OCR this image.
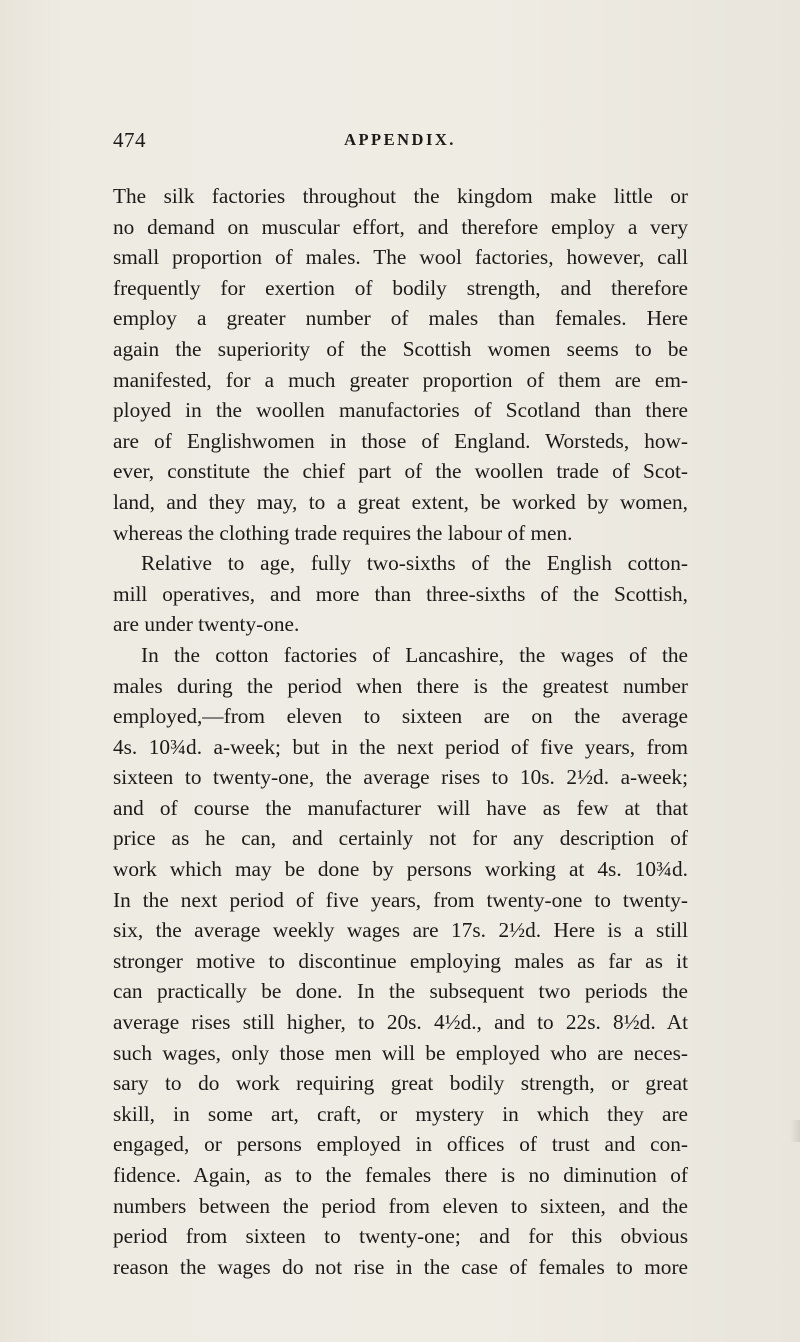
474	APPENDIX.
The silk factories throughout the kingdom make little or
no demand on muscular effort, and therefore employ a very
small proportion of males. The wool factories, however, call
frequently for exertion of bodily strength, and therefore
employ a greater number of males than females. Here
again the superiority of the Scottish women seems to be
manifested, for a much greater proportion of them are em-
ployed in the woollen manufactories of Scotland than there
are of Englishwomen in those of England. Worsteds, how-
ever, constitute the chief part of the woollen trade of Scot-
land, and they may, to a great extent, be worked by women,
whereas the clothing trade requires the labour of men.
Relative to age, fully two-sixths of the English cotton-
mill operatives, and more than three-sixths of the Scottish,
are under twenty-one.
In the cotton factories of Lancashire, the wages of the
males during the period when there is the greatest number
employed,—from eleven to sixteen are on the average
4s. 10¾d. a-week; but in the next period of five years, from
sixteen to twenty-one, the average rises to 10s. 2½d. a-week;
and of course the manufacturer will have as few at that
price as he can, and certainly not for any description of
work which may be done by persons working at 4s. 10¾d.
In the next period of five years, from twenty-one to twenty-
six, the average weekly wages are 17s. 2½d. Here is a still
stronger motive to discontinue employing males as far as it
can practically be done. In the subsequent two periods the
average rises still higher, to 20s. 4½d., and to 22s. 8½d. At
such wages, only those men will be employed who are neces-
sary to do work requiring great bodily strength, or great
skill, in some art, craft, or mystery in which they are
engaged, or persons employed in offices of trust and con-
fidence. Again, as to the females there is no diminution of
numbers between the period from eleven to sixteen, and the
period from sixteen to twenty-one; and for this obvious
reason the wages do not rise in the case of females to more
